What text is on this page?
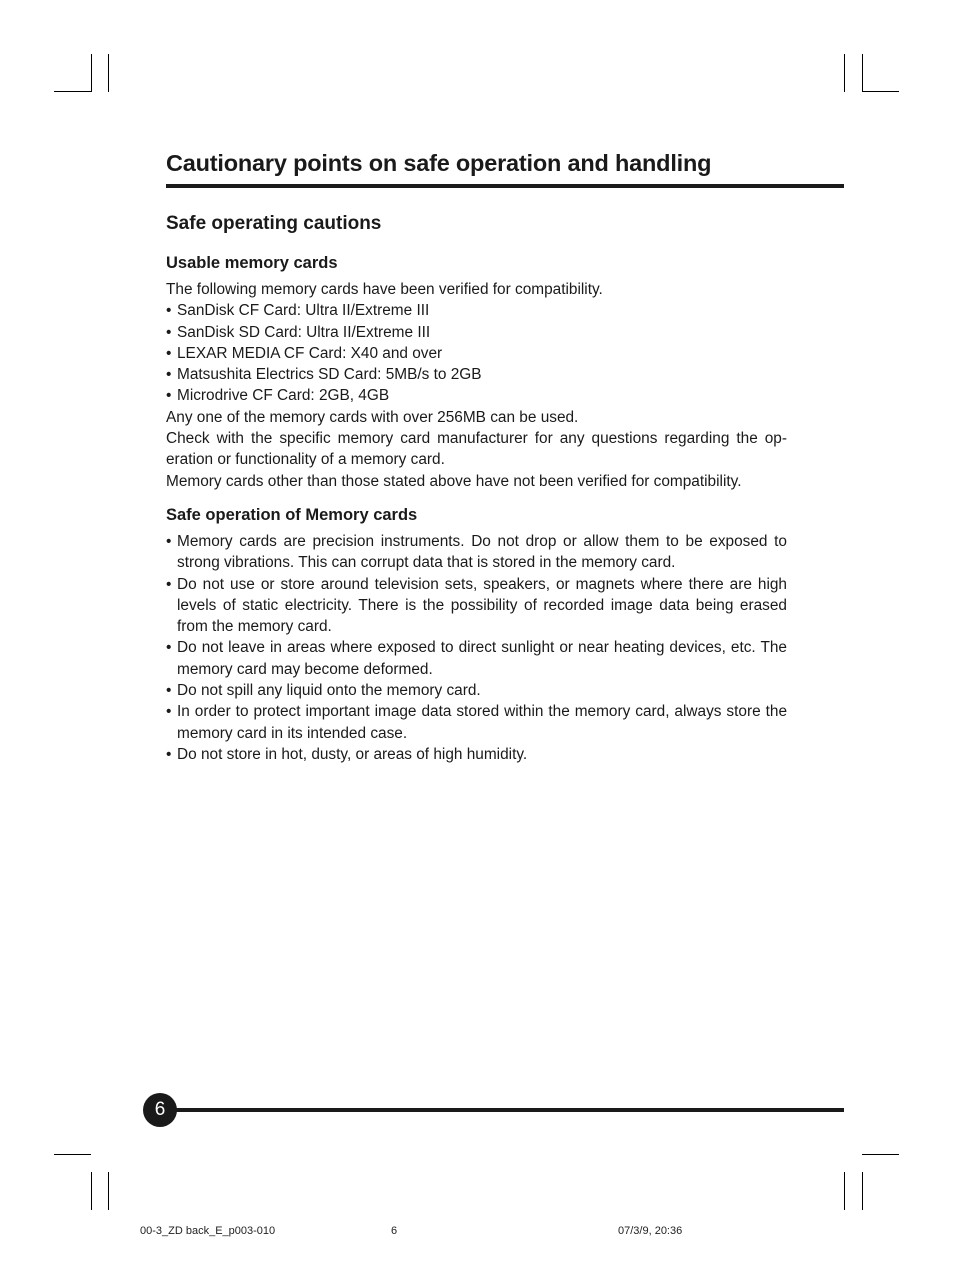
Cautionary points on safe operation and handling
Safe operating cautions
Usable memory cards

The following memory cards have been verified for compatibility.

• SanDisk CF Card: Ultra II/Extreme III
• SanDisk SD Card: Ultra II/Extreme III
• LEXAR MEDIA CF Card: X40 and over
• Matsushita Electrics SD Card: 5MB/s to 2GB
• Microdrive CF Card: 2GB, 4GB

Any one of the memory cards with over 256MB can be used.

Check with the specific memory card manufacturer for any questions regarding the op-eration or functionality of a memory card.

Memory cards other than those stated above have not been verified for compatibility.

Safe operation of Memory cards
• Memory cards are precision instruments. Do not drop or allow them to be exposed to strong vibrations. This can corrupt data that is stored in the memory card.
• Do not use or store around television sets, speakers, or magnets where there are high levels of static electricity. There is the possibility of recorded image data being erased from the memory card.
• Do not leave in areas where exposed to direct sunlight or near heating devices, etc. The memory card may become deformed.
• Do not spill any liquid onto the memory card.
• In order to protect important image data stored within the memory card, always store the memory card in its intended case.
• Do not store in hot, dusty, or areas of high humidity.
6
00-3_ZD back_E_p003-010	6	07/3/9, 20:36
